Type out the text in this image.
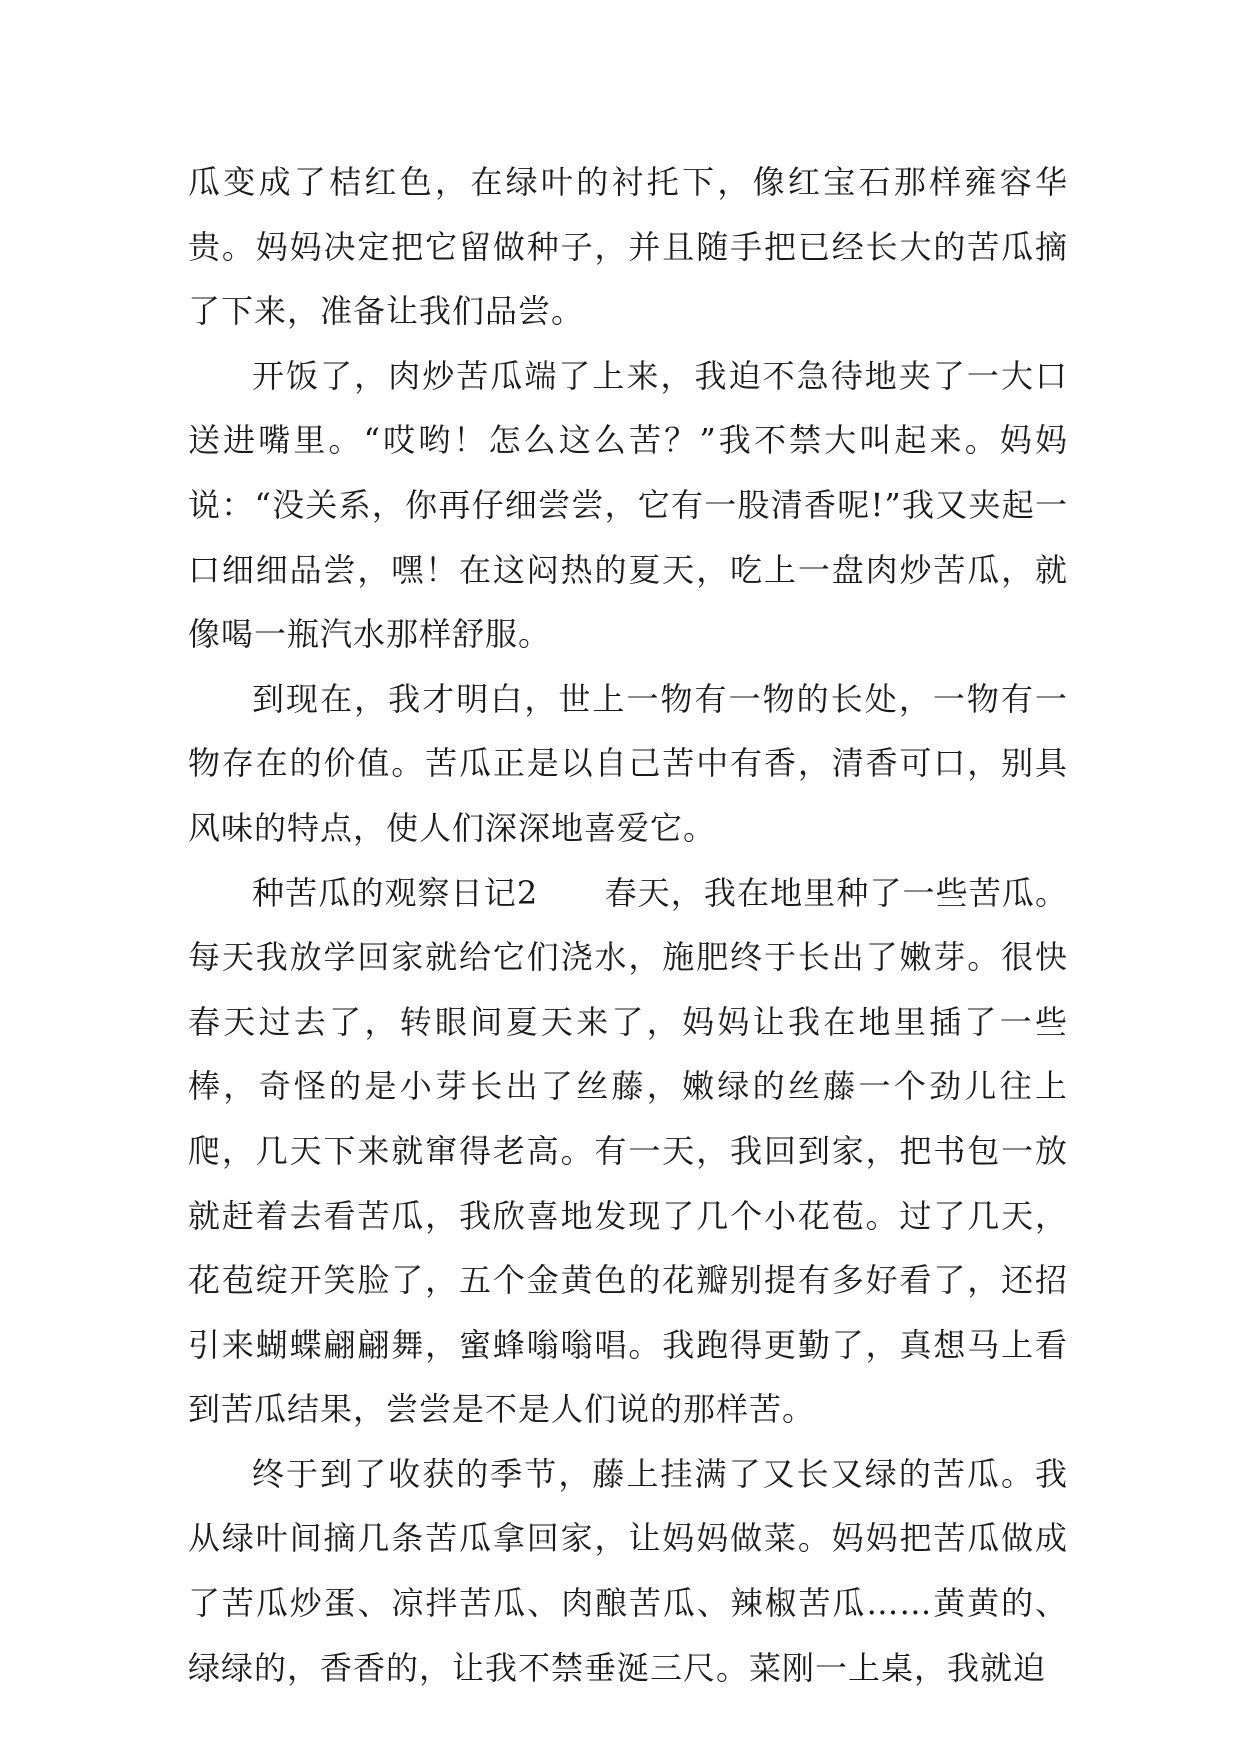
瓜变成了桔红色，在绿叶的衬托下，像红宝石那样雍容华贵。妈妈决定把它留做种子，并且随手把已经长大的苦瓜摘了下来，准备让我们品尝。

开饭了，肉炒苦瓜端了上来，我迫不急待地夹了一大口送进嘴里。“哎哟！怎么这么苦？”我不禁大叫起来。妈妈说：“没关系，你再仔细尝尝，它有一股清香呢!”我又夹起一口细细品尝，嘿！在这闷热的夏天，吃上一盘肉炒苦瓜，就像喝一瓶汽水那样舒服。

到现在，我才明白，世上一物有一物的长处，一物有一物存在的价值。苦瓜正是以自己苦中有香，清香可口，别具风味的特点，使人们深深地喜爱它。

种苦瓜的观察日记2　　春天，我在地里种了一些苦瓜。每天我放学回家就给它们浇水，施肥终于长出了嫩芽。很快春天过去了，转眼间夏天来了，妈妈让我在地里插了一些棒，奇怪的是小芽长出了丝藤，嫩绿的丝藤一个劲儿往上爬，几天下来就窜得老高。有一天，我回到家，把书包一放就赶着去看苦瓜，我欣喜地发现了几个小花苞。过了几天，花苞绽开笑脸了，五个金黄色的花瓣别提有多好看了，还招引来蝴蝶翩翩舞，蜜蜂嗡嗡唱。我跑得更勤了，真想马上看到苦瓜结果，尝尝是不是人们说的那样苦。

终于到了收获的季节，藤上挂满了又长又绿的苦瓜。我从绿叶间摘几条苦瓜拿回家，让妈妈做菜。妈妈把苦瓜做成了苦瓜炒蛋、凉拌苦瓜、肉酿苦瓜、辣椒苦瓜……黄黄的、绿绿的，香香的，让我不禁垂涎三尺。菜刚一上桌，我就迫
